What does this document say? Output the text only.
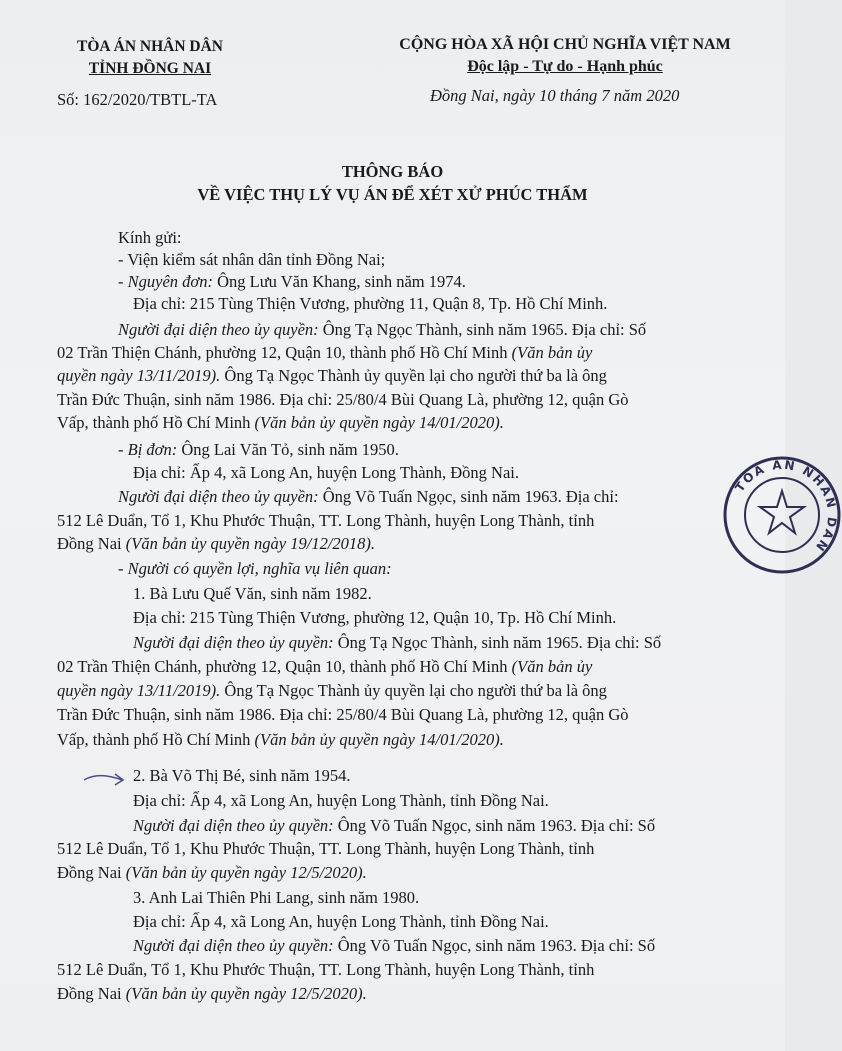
TÒA ÁN NHÂN DÂN
TỈNH ĐỒNG NAI
CỘNG HÒA XÃ HỘI CHỦ NGHĨA VIỆT NAM
Độc lập - Tự do - Hạnh phúc
Số: 162/2020/TBTL-TA	Đồng Nai, ngày 10 tháng 7 năm 2020
THÔNG BÁO
VỀ VIỆC THỤ LÝ VỤ ÁN ĐỂ XÉT XỬ PHÚC THẨM
Kính gửi:
- Viện kiểm sát nhân dân tỉnh Đồng Nai;
- Nguyên đơn: Ông Lưu Văn Khang, sinh năm 1974.
Địa chỉ: 215 Tùng Thiện Vương, phường 11, Quận 8, Tp. Hồ Chí Minh.
Người đại diện theo ủy quyền: Ông Tạ Ngọc Thành, sinh năm 1965. Địa chỉ: Số
02 Trần Thiện Chánh, phường 12, Quận 10, thành phố Hồ Chí Minh (Văn bản ủy
quyền ngày 13/11/2019). Ông Tạ Ngọc Thành ủy quyền lại cho người thứ ba là ông
Trần Đức Thuận, sinh năm 1986. Địa chỉ: 25/80/4 Bùi Quang Là, phường 12, quận Gò
Vấp, thành phố Hồ Chí Minh (Văn bản ủy quyền ngày 14/01/2020).
- Bị đơn: Ông Lai Văn Tỏ, sinh năm 1950.
Địa chỉ: Ấp 4, xã Long An, huyện Long Thành, Đồng Nai.
Người đại diện theo ủy quyền: Ông Võ Tuấn Ngọc, sinh năm 1963. Địa chỉ:
512 Lê Duẩn, Tổ 1, Khu Phước Thuận, TT. Long Thành, huyện Long Thành, tỉnh
Đồng Nai (Văn bản ủy quyền ngày 19/12/2018).
- Người có quyền lợi, nghĩa vụ liên quan:
1. Bà Lưu Quế Văn, sinh năm 1982.
Địa chỉ: 215 Tùng Thiện Vương, phường 12, Quận 10, Tp. Hồ Chí Minh.
Người đại diện theo ủy quyền: Ông Tạ Ngọc Thành, sinh năm 1965. Địa chỉ: Số
02 Trần Thiện Chánh, phường 12, Quận 10, thành phố Hồ Chí Minh (Văn bản ủy
quyền ngày 13/11/2019). Ông Tạ Ngọc Thành ủy quyền lại cho người thứ ba là ông
Trần Đức Thuận, sinh năm 1986. Địa chỉ: 25/80/4 Bùi Quang Là, phường 12, quận Gò
Vấp, thành phố Hồ Chí Minh (Văn bản ủy quyền ngày 14/01/2020).
2. Bà Võ Thị Bé, sinh năm 1954.
Địa chỉ: Ấp 4, xã Long An, huyện Long Thành, tỉnh Đồng Nai.
Người đại diện theo ủy quyền: Ông Võ Tuấn Ngọc, sinh năm 1963. Địa chỉ: Số
512 Lê Duẩn, Tổ 1, Khu Phước Thuận, TT. Long Thành, huyện Long Thành, tỉnh
Đồng Nai (Văn bản ủy quyền ngày 12/5/2020).
3. Anh Lai Thiên Phi Lang, sinh năm 1980.
Địa chỉ: Ấp 4, xã Long An, huyện Long Thành, tỉnh Đồng Nai.
Người đại diện theo ủy quyền: Ông Võ Tuấn Ngọc, sinh năm 1963. Địa chỉ: Số
512 Lê Duẩn, Tổ 1, Khu Phước Thuận, TT. Long Thành, huyện Long Thành, tỉnh
Đồng Nai (Văn bản ủy quyền ngày 12/5/2020).
TÒA ÁN NHÂN DÂN
